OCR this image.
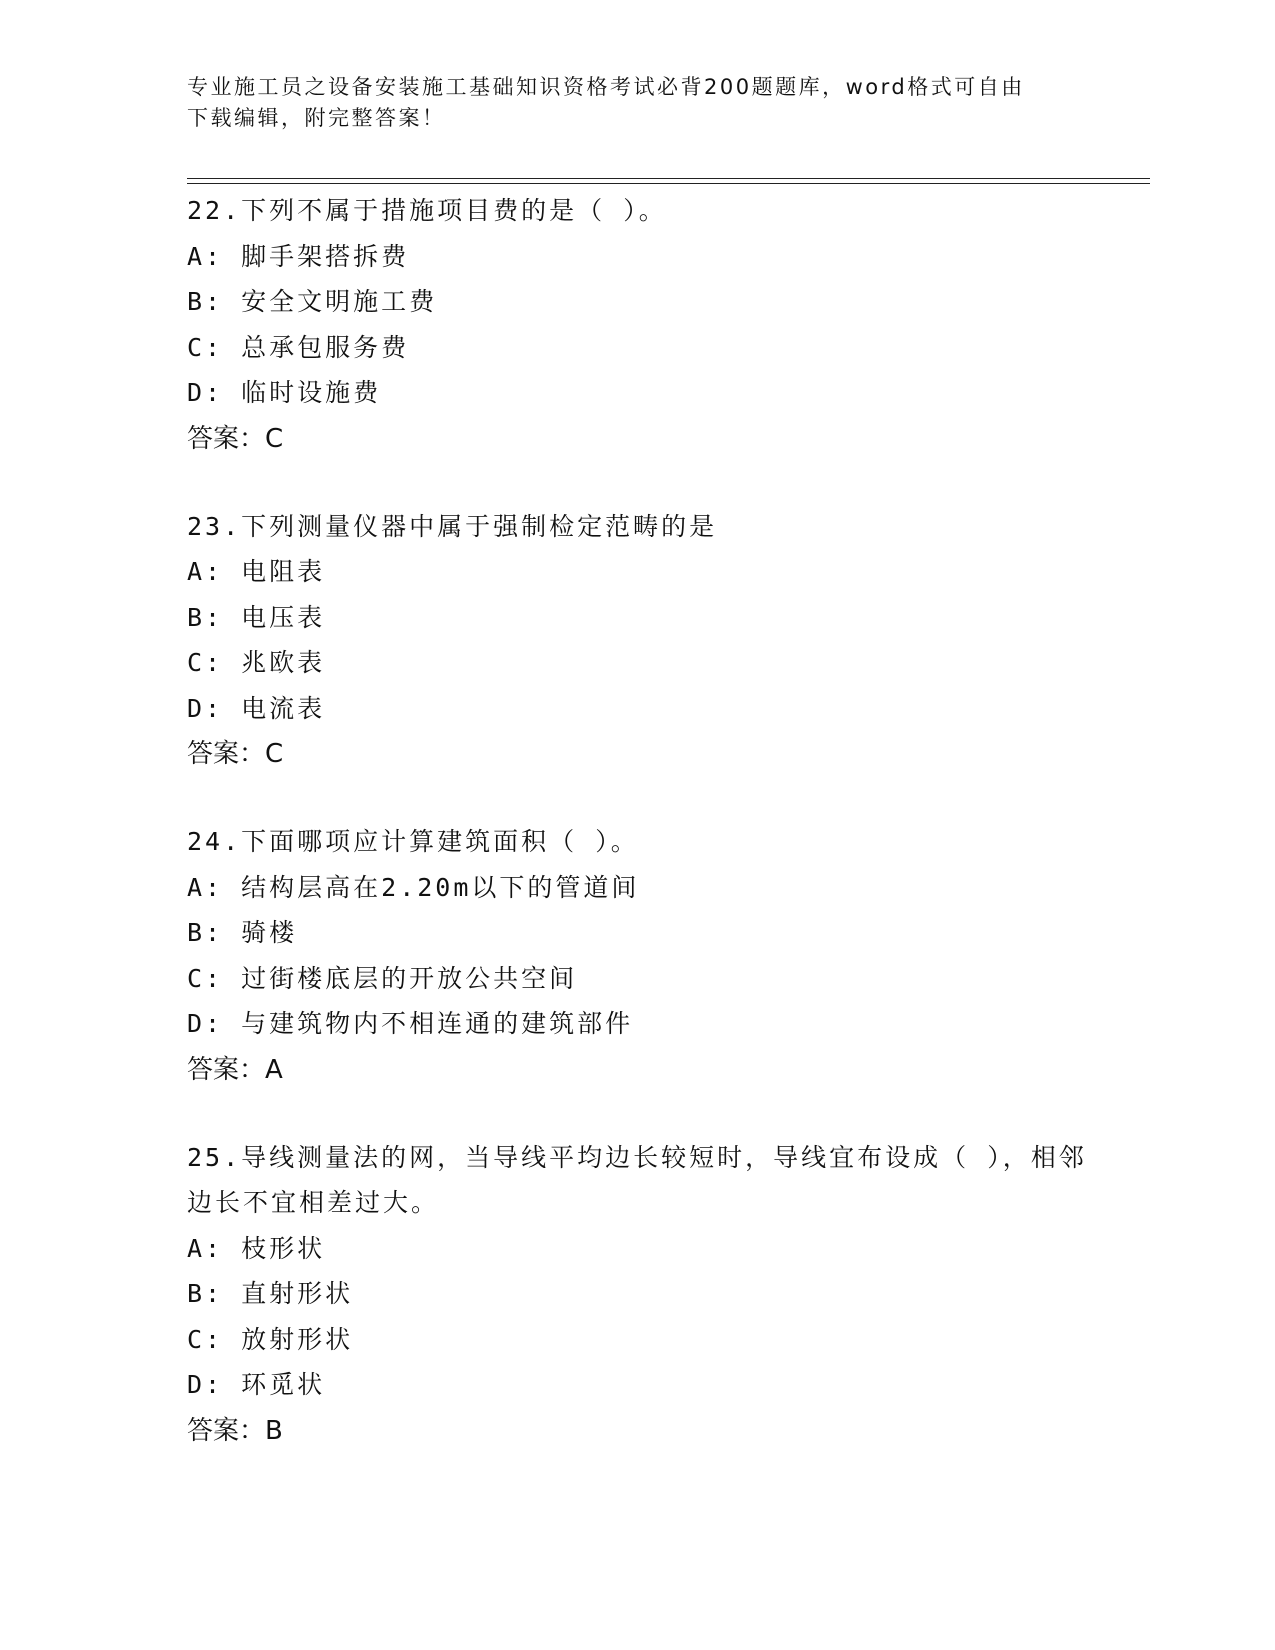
专业施工员之设备安装施工基础知识资格考试必背200题题库，word格式可自由
下载编辑，附完整答案！
22.下列不属于措施项目费的是（ ）。
A: 脚手架搭拆费
B: 安全文明施工费
C: 总承包服务费
D: 临时设施费
答案：C
23.下列测量仪器中属于强制检定范畴的是
A: 电阻表
B: 电压表
C: 兆欧表
D: 电流表
答案：C
24.下面哪项应计算建筑面积（ ）。
A: 结构层高在2.20m以下的管道间
B: 骑楼
C: 过街楼底层的开放公共空间
D: 与建筑物内不相连通的建筑部件
答案：A
25.导线测量法的网，当导线平均边长较短时，导线宜布设成（ ），相邻边长不宜相差过大。
A: 枝形状
B: 直射形状
C: 放射形状
D: 环觅状
答案：B
